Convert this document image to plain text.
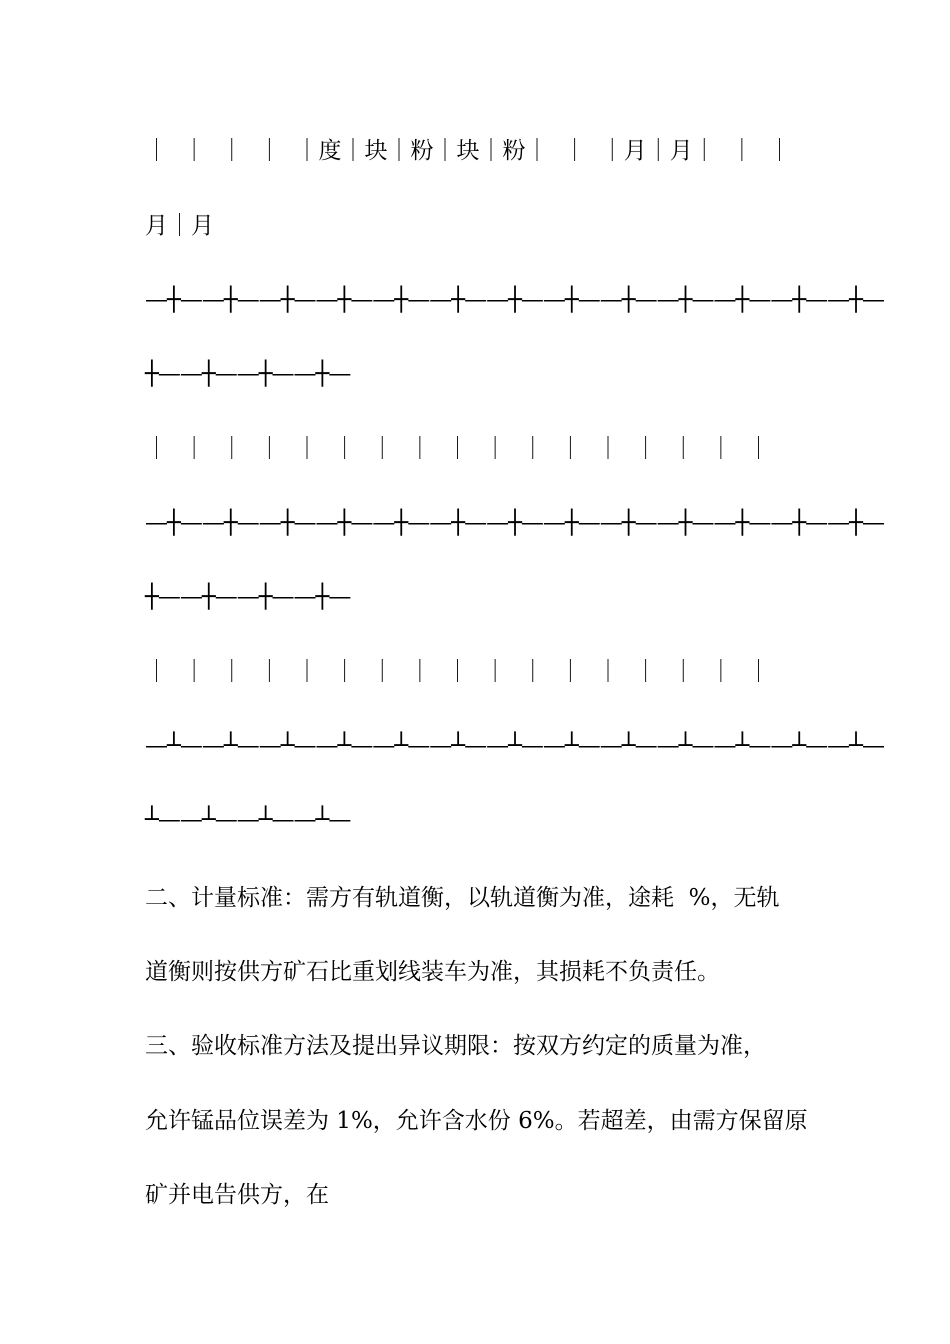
｜  ｜  ｜  ｜  ｜度｜块｜粉｜块｜粉｜  ｜  ｜月｜月｜  ｜  ｜
月｜月
—┼——┼——┼——┼——┼——┼——┼——┼——┼——┼——┼——┼——┼—
┼——┼——┼——┼—
｜  ｜  ｜  ｜  ｜  ｜  ｜  ｜  ｜  ｜  ｜  ｜  ｜  ｜  ｜  ｜  ｜
—┼——┼——┼——┼——┼——┼——┼——┼——┼——┼——┼——┼——┼—
┼——┼——┼——┼—
｜  ｜  ｜  ｜  ｜  ｜  ｜  ｜  ｜  ｜  ｜  ｜  ｜  ｜  ｜  ｜  ｜
—┴——┴——┴——┴——┴——┴——┴——┴——┴——┴——┴——┴——┴—
┴——┴——┴——┴—
二、计量标准：需方有轨道衡，以轨道衡为准，途耗  %，无轨
道衡则按供方矿石比重划线装车为准，其损耗不负责任。
三、验收标准方法及提出异议期限：按双方约定的质量为准，
允许锰品位误差为 1%，允许含水份 6%。若超差，由需方保留原
矿并电告供方，在
